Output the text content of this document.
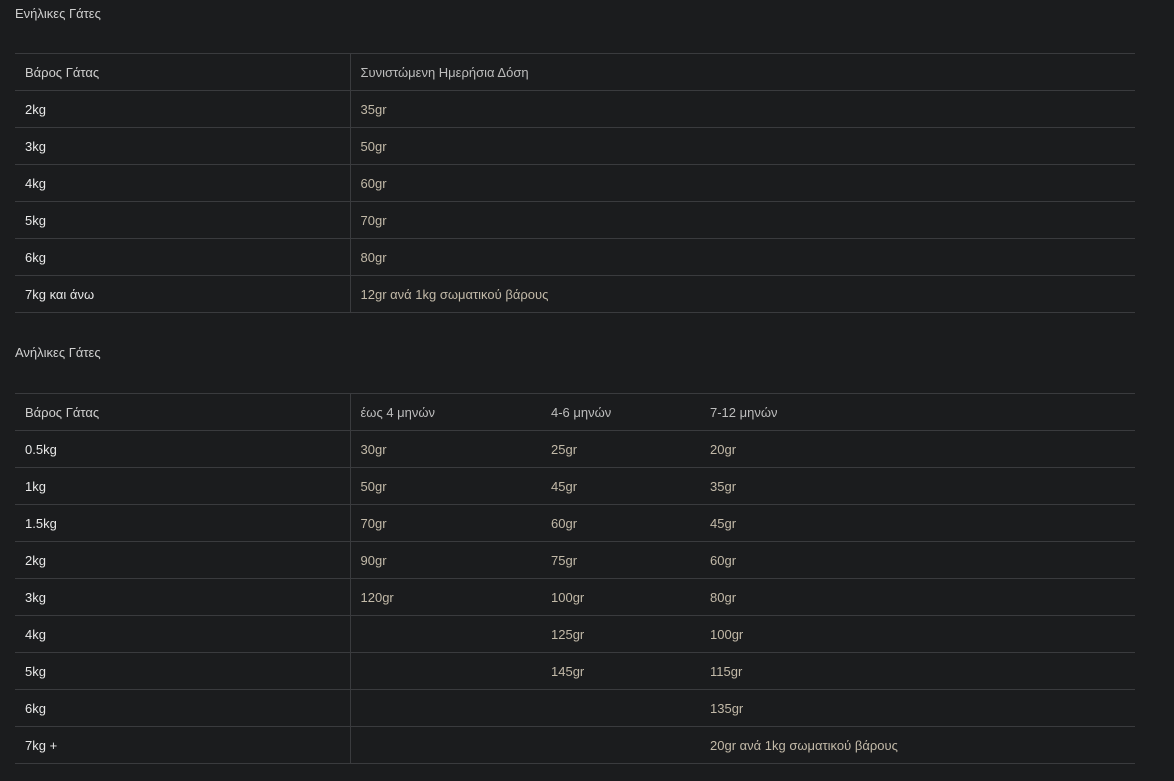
Ενήλικες Γάτες
Βάρος Γάτας	Συνιστώμενη Ημερήσια Δόση
2kg	35gr
3kg	50gr
4kg	60gr
5kg	70gr
6kg	80gr
7kg και άνω	12gr ανά 1kg σωματικού βάρους
Ανήλικες Γάτες
Βάρος Γάτας	έως 4 μηνών	4-6 μηνών	7-12 μηνών
0.5kg	30gr	25gr	20gr
1kg	50gr	45gr	35gr
1.5kg	70gr	60gr	45gr
2kg	90gr	75gr	60gr
3kg	120gr	100gr	80gr
4kg		125gr	100gr
5kg		145gr	115gr
6kg			135gr
7kg +			20gr ανά 1kg σωματικού βάρους
